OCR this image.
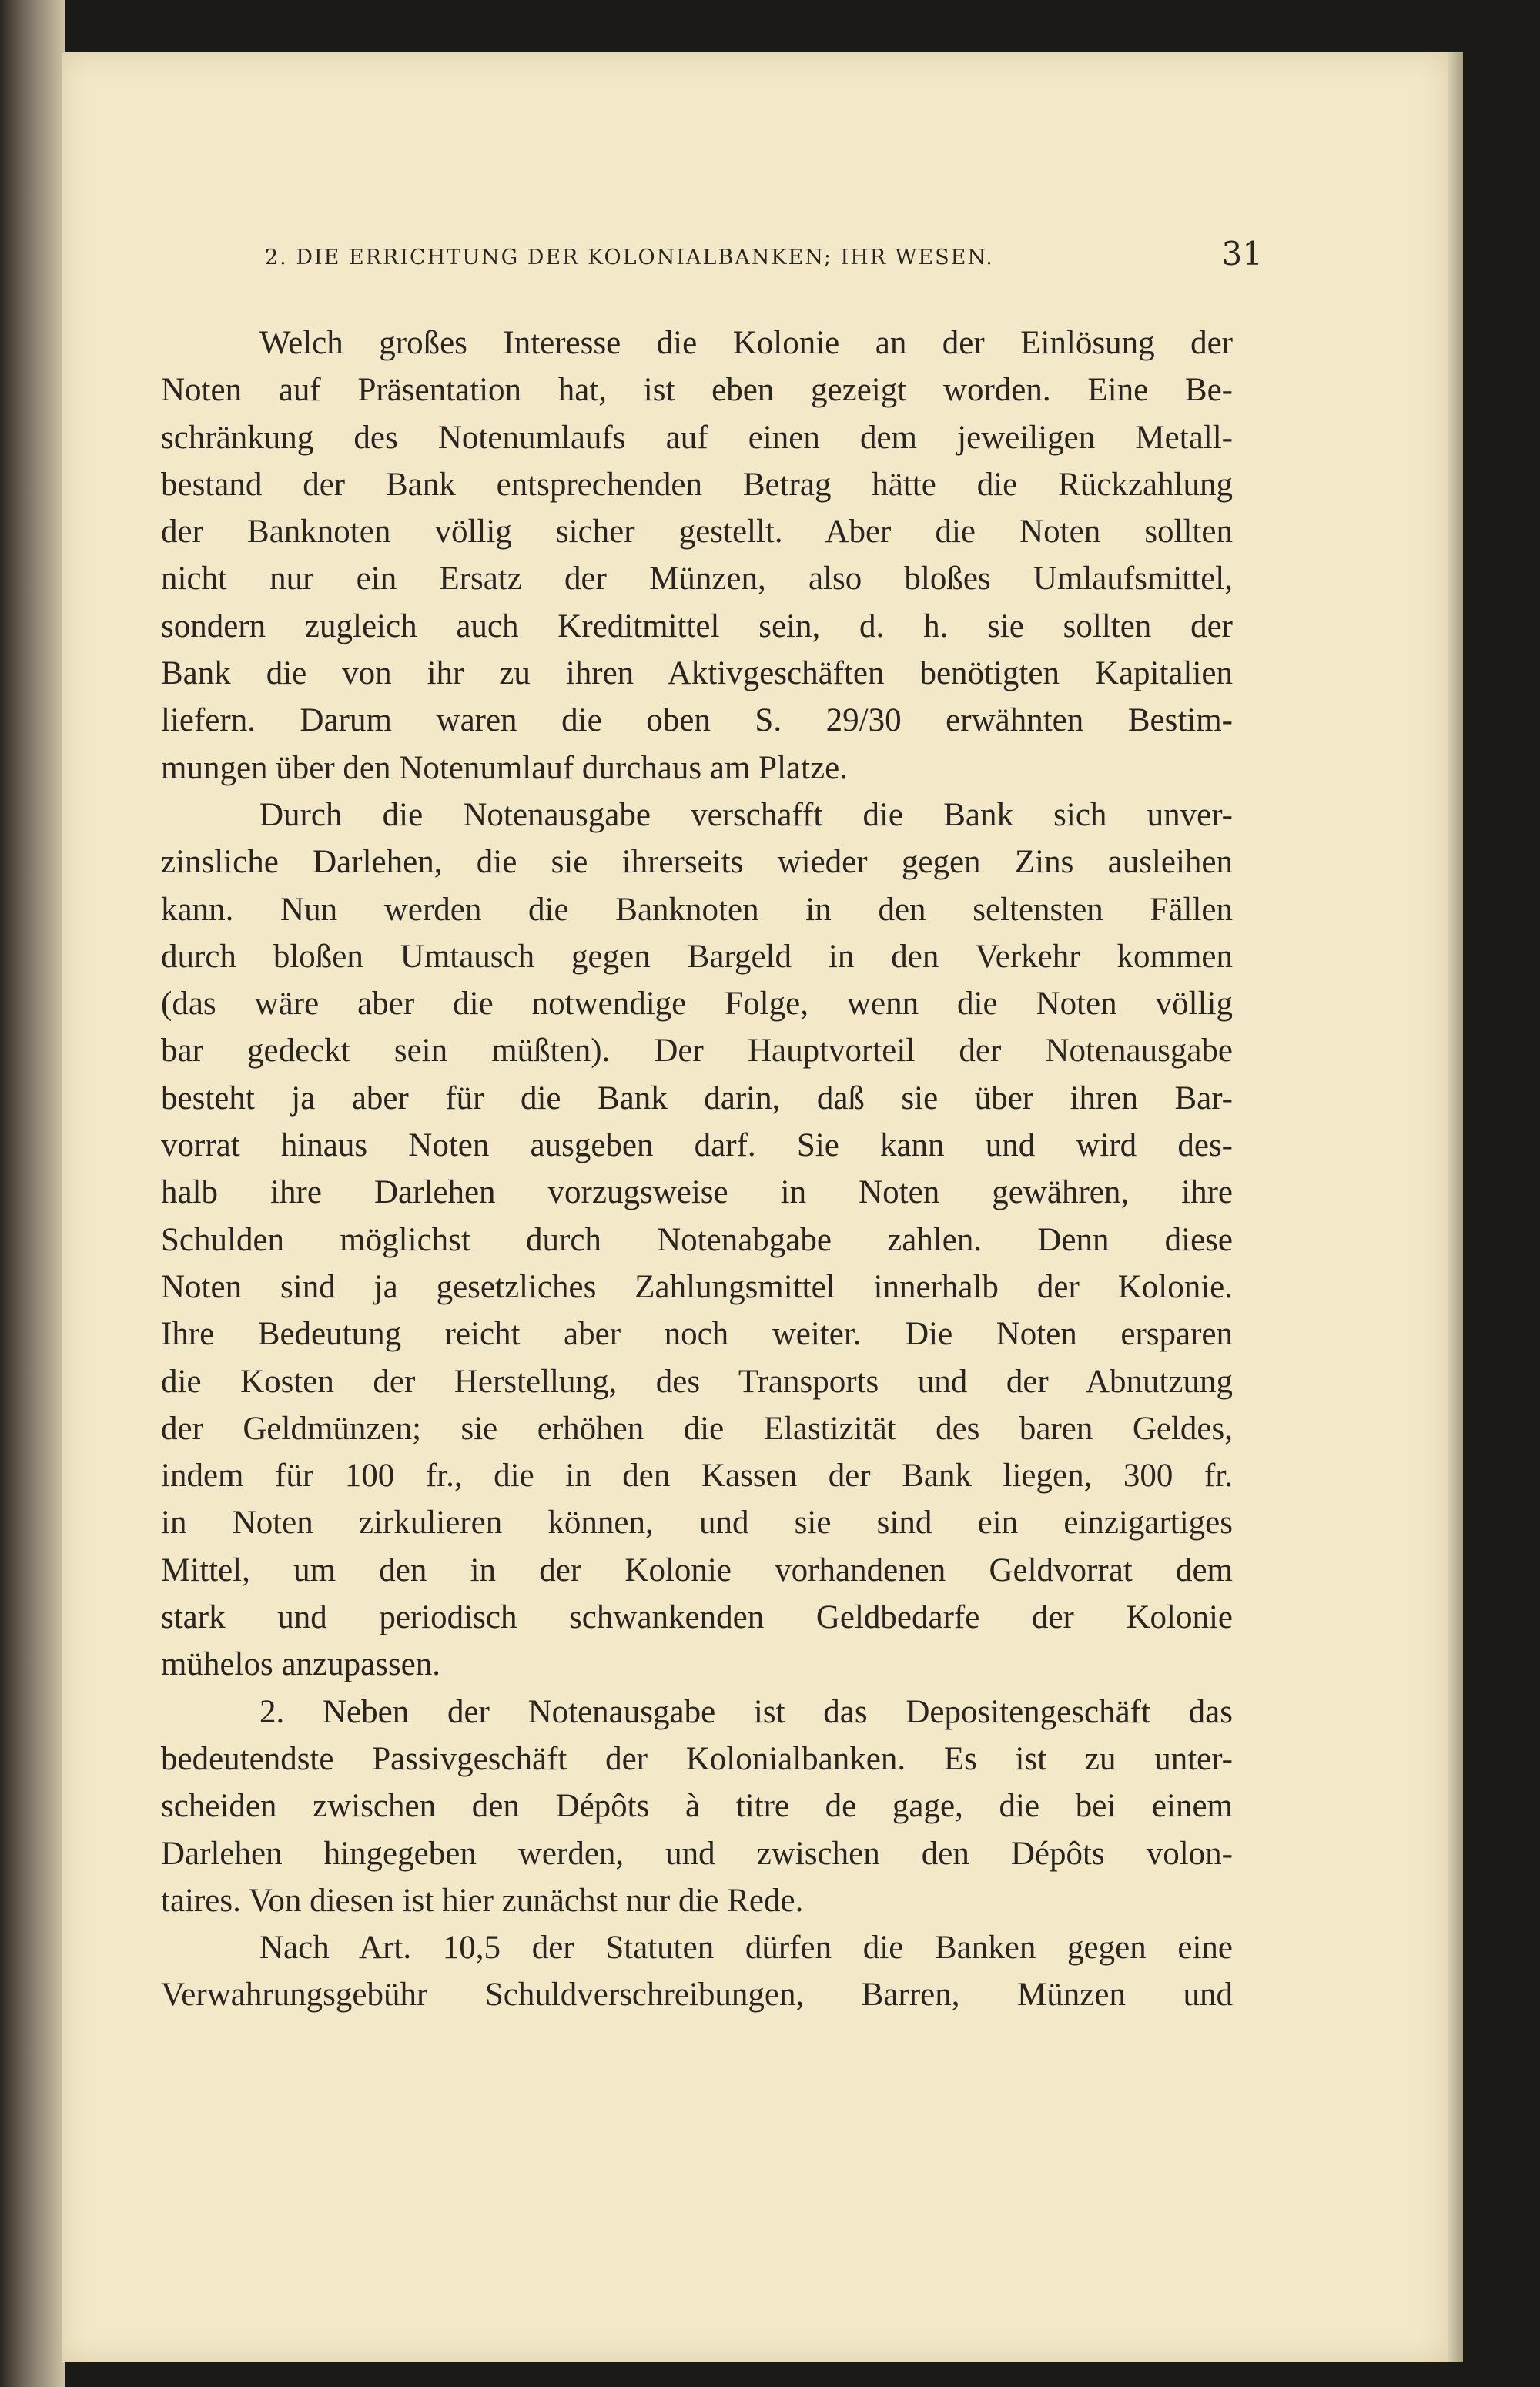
2. DIE ERRICHTUNG DER KOLONIALBANKEN; IHR WESEN.	31
Welch großes Interesse die Kolonie an der Einlösung der
Noten auf Präsentation hat, ist eben gezeigt worden. Eine Be-
schränkung des Notenumlaufs auf einen dem jeweiligen Metall-
bestand der Bank entsprechenden Betrag hätte die Rückzahlung
der Banknoten völlig sicher gestellt. Aber die Noten sollten
nicht nur ein Ersatz der Münzen, also bloßes Umlaufsmittel,
sondern zugleich auch Kreditmittel sein, d. h. sie sollten der
Bank die von ihr zu ihren Aktivgeschäften benötigten Kapitalien
liefern. Darum waren die oben S. 29/30 erwähnten Bestim-
mungen über den Notenumlauf durchaus am Platze.
Durch die Notenausgabe verschafft die Bank sich unver-
zinsliche Darlehen, die sie ihrerseits wieder gegen Zins ausleihen
kann. Nun werden die Banknoten in den seltensten Fällen
durch bloßen Umtausch gegen Bargeld in den Verkehr kommen
(das wäre aber die notwendige Folge, wenn die Noten völlig
bar gedeckt sein müßten). Der Hauptvorteil der Notenausgabe
besteht ja aber für die Bank darin, daß sie über ihren Bar-
vorrat hinaus Noten ausgeben darf. Sie kann und wird des-
halb ihre Darlehen vorzugsweise in Noten gewähren, ihre
Schulden möglichst durch Notenabgabe zahlen. Denn diese
Noten sind ja gesetzliches Zahlungsmittel innerhalb der Kolonie.
Ihre Bedeutung reicht aber noch weiter. Die Noten ersparen
die Kosten der Herstellung, des Transports und der Abnutzung
der Geldmünzen; sie erhöhen die Elastizität des baren Geldes,
indem für 100 fr., die in den Kassen der Bank liegen, 300 fr.
in Noten zirkulieren können, und sie sind ein einzigartiges
Mittel, um den in der Kolonie vorhandenen Geldvorrat dem
stark und periodisch schwankenden Geldbedarfe der Kolonie
mühelos anzupassen.
2. Neben der Notenausgabe ist das Depositengeschäft das
bedeutendste Passivgeschäft der Kolonialbanken. Es ist zu unter-
scheiden zwischen den Dépôts à titre de gage, die bei einem
Darlehen hingegeben werden, und zwischen den Dépôts volon-
taires. Von diesen ist hier zunächst nur die Rede.
Nach Art. 10,5 der Statuten dürfen die Banken gegen eine
Verwahrungsgebühr Schuldverschreibungen, Barren, Münzen und
